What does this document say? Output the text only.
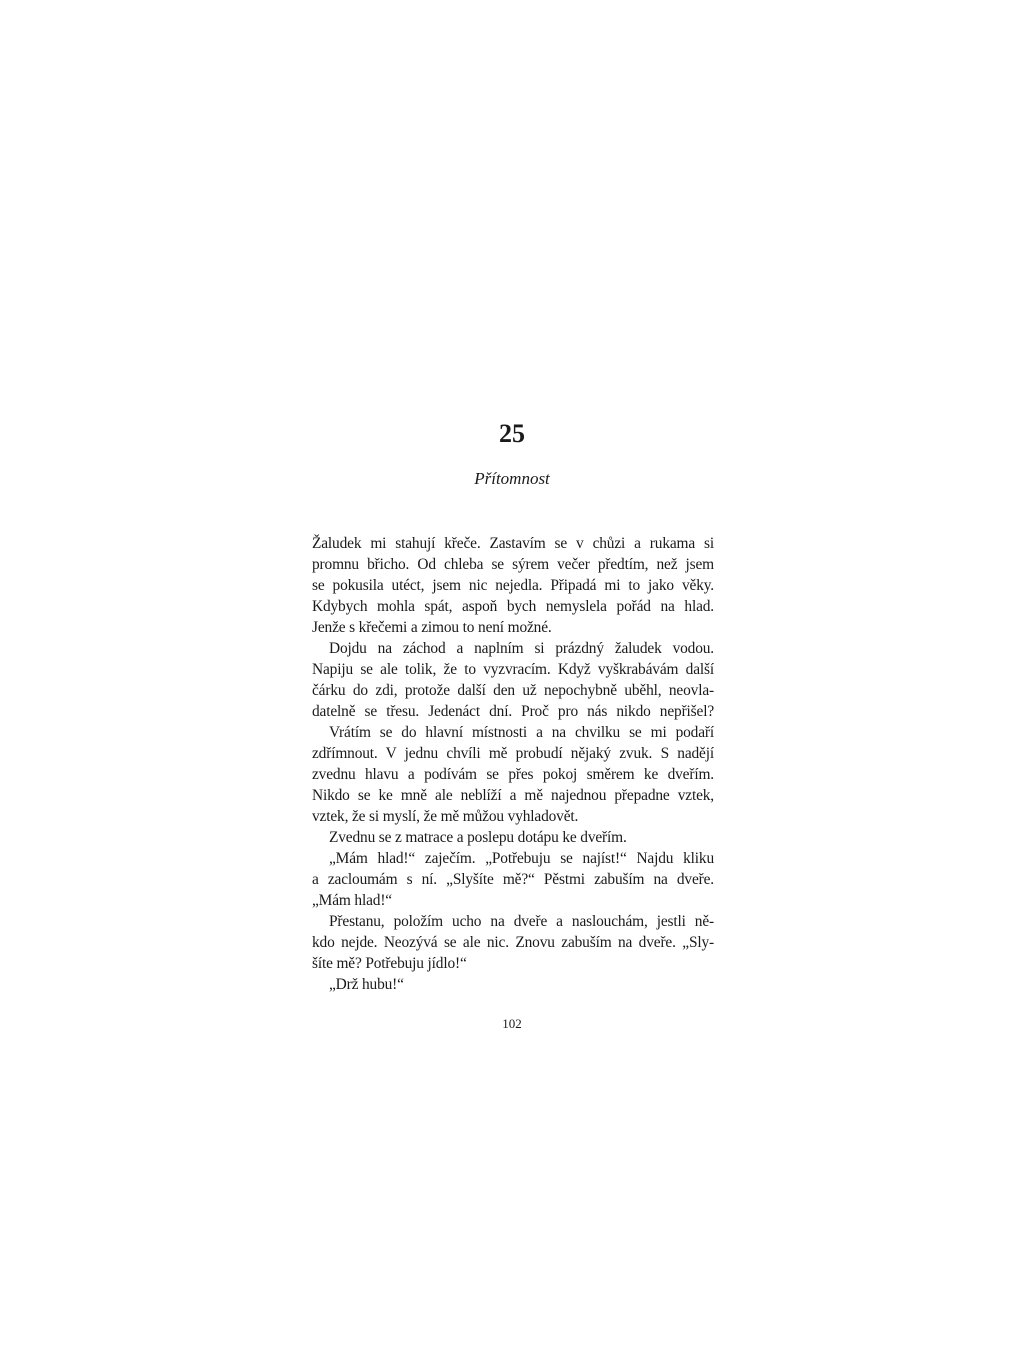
25
Přítomnost
Žaludek mi stahují křeče. Zastavím se v chůzi a rukama si
promnu břicho. Od chleba se sýrem večer předtím, než jsem
se pokusila utéct, jsem nic nejedla. Připadá mi to jako věky.
Kdybych mohla spát, aspoň bych nemyslela pořád na hlad.
Jenže s křečemi a zimou to není možné.
Dojdu na záchod a naplním si prázdný žaludek vodou.
Napiju se ale tolik, že to vyzvracím. Když vyškrabávám další
čárku do zdi, protože další den už nepochybně uběhl, neovla-
datelně se třesu. Jedenáct dní. Proč pro nás nikdo nepřišel?
Vrátím se do hlavní místnosti a na chvilku se mi podaří
zdřímnout. V jednu chvíli mě probudí nějaký zvuk. S nadějí
zvednu hlavu a podívám se přes pokoj směrem ke dveřím.
Nikdo se ke mně ale neblíží a mě najednou přepadne vztek,
vztek, že si myslí, že mě můžou vyhladovět.
Zvednu se z matrace a poslepu dotápu ke dveřím.
„Mám hlad!“ zaječím. „Potřebuju se najíst!“ Najdu kliku
a zacloumám s ní. „Slyšíte mě?“ Pěstmi zabuším na dveře.
„Mám hlad!“
Přestanu, položím ucho na dveře a naslouchám, jestli ně-
kdo nejde. Neozývá se ale nic. Znovu zabuším na dveře. „Sly-
šíte mě? Potřebuju jídlo!“
„Drž hubu!“
102
